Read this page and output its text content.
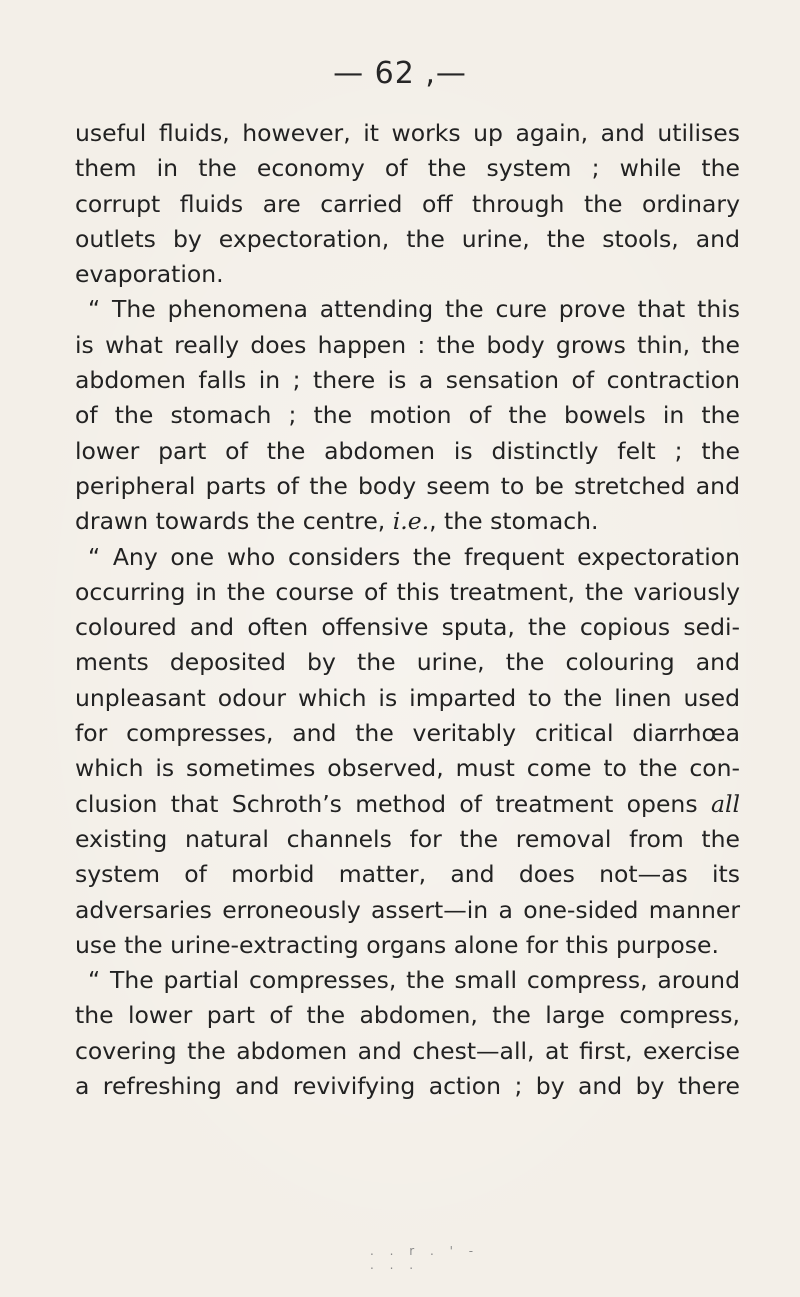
— 62 ,—
useful fluids, however, it works up again, and utilises
them in the economy of the system ; while the
corrupt fluids are carried off through the ordinary
outlets by expectoration, the urine, the stools, and
evaporation.
“ The phenomena attending the cure prove that this
is what really does happen : the body grows thin, the
abdomen falls in ; there is a sensation of contraction
of the stomach ; the motion of the bowels in the
lower part of the abdomen is distinctly felt ; the
peripheral parts of the body seem to be stretched and
drawn towards the centre, i.e., the stomach.
“ Any one who considers the frequent expectoration
occurring in the course of this treatment, the variously
coloured and often offensive sputa, the copious sedi-
ments deposited by the urine, the colouring and
unpleasant odour which is imparted to the linen used
for compresses, and the veritably critical diarrhœa
which is sometimes observed, must come to the con-
clusion that Schroth’s method of treatment opens all
existing natural channels for the removal from the
system of morbid matter, and does not—as its
adversaries erroneously assert—in a one-sided manner
use the urine-extracting organs alone for this purpose.
“ The partial compresses, the small compress, around
the lower part of the abdomen, the large compress,
covering the abdomen and chest—all, at first, exercise
a refreshing and revivifying action ; by and by there
. . r . ' - . . .
